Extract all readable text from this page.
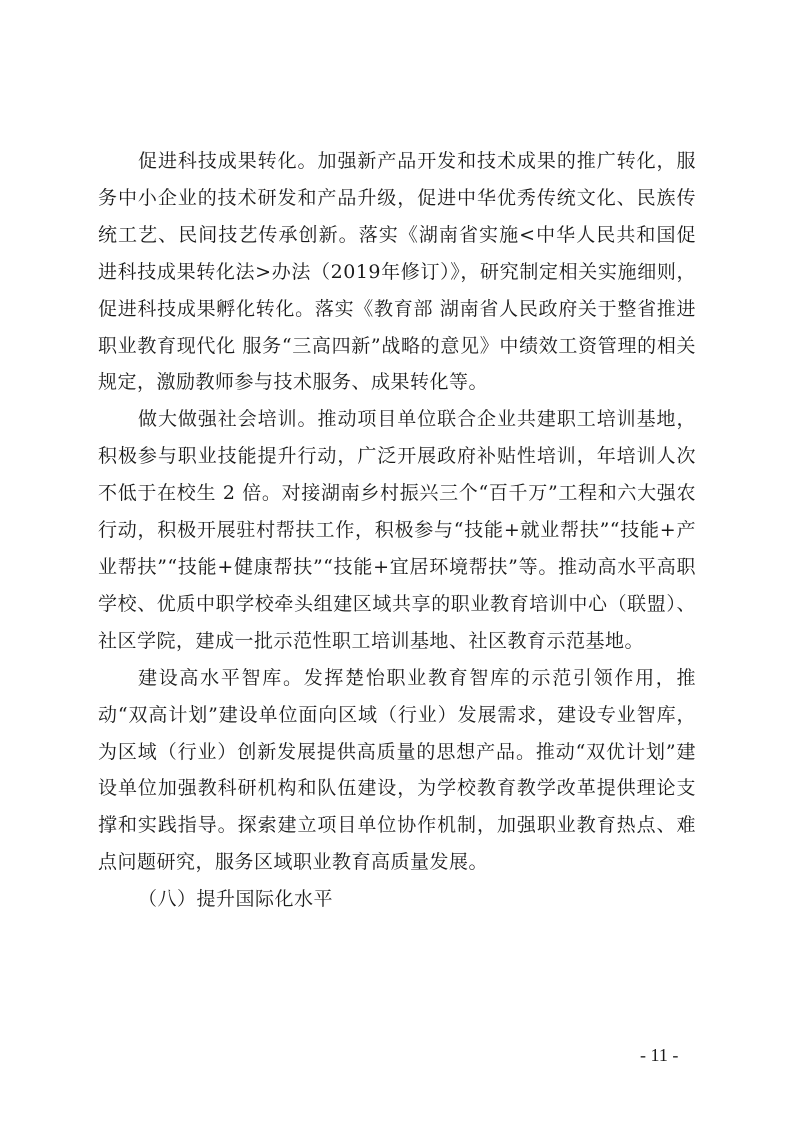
促进科技成果转化。加强新产品开发和技术成果的推广转化，服务中小企业的技术研发和产品升级，促进中华优秀传统文化、民族传统工艺、民间技艺传承创新。落实《湖南省实施<中华人民共和国促进科技成果转化法>办法（2019年修订）》，研究制定相关实施细则，促进科技成果孵化转化。落实《教育部 湖南省人民政府关于整省推进职业教育现代化 服务“三高四新”战略的意见》中绩效工资管理的相关规定，激励教师参与技术服务、成果转化等。

做大做强社会培训。推动项目单位联合企业共建职工培训基地，积极参与职业技能提升行动，广泛开展政府补贴性培训，年培训人次不低于在校生 2 倍。对接湖南乡村振兴三个“百千万”工程和六大强农行动，积极开展驻村帮扶工作，积极参与“技能+就业帮扶”“技能+产业帮扶”“技能+健康帮扶”“技能+宜居环境帮扶”等。推动高水平高职学校、优质中职学校牵头组建区域共享的职业教育培训中心（联盟）、社区学院，建成一批示范性职工培训基地、社区教育示范基地。

建设高水平智库。发挥楚怡职业教育智库的示范引领作用，推动“双高计划”建设单位面向区域（行业）发展需求，建设专业智库，为区域（行业）创新发展提供高质量的思想产品。推动“双优计划”建设单位加强教科研机构和队伍建设，为学校教育教学改革提供理论支撑和实践指导。探索建立项目单位协作机制，加强职业教育热点、难点问题研究，服务区域职业教育高质量发展。

（八）提升国际化水平

- 11 -
